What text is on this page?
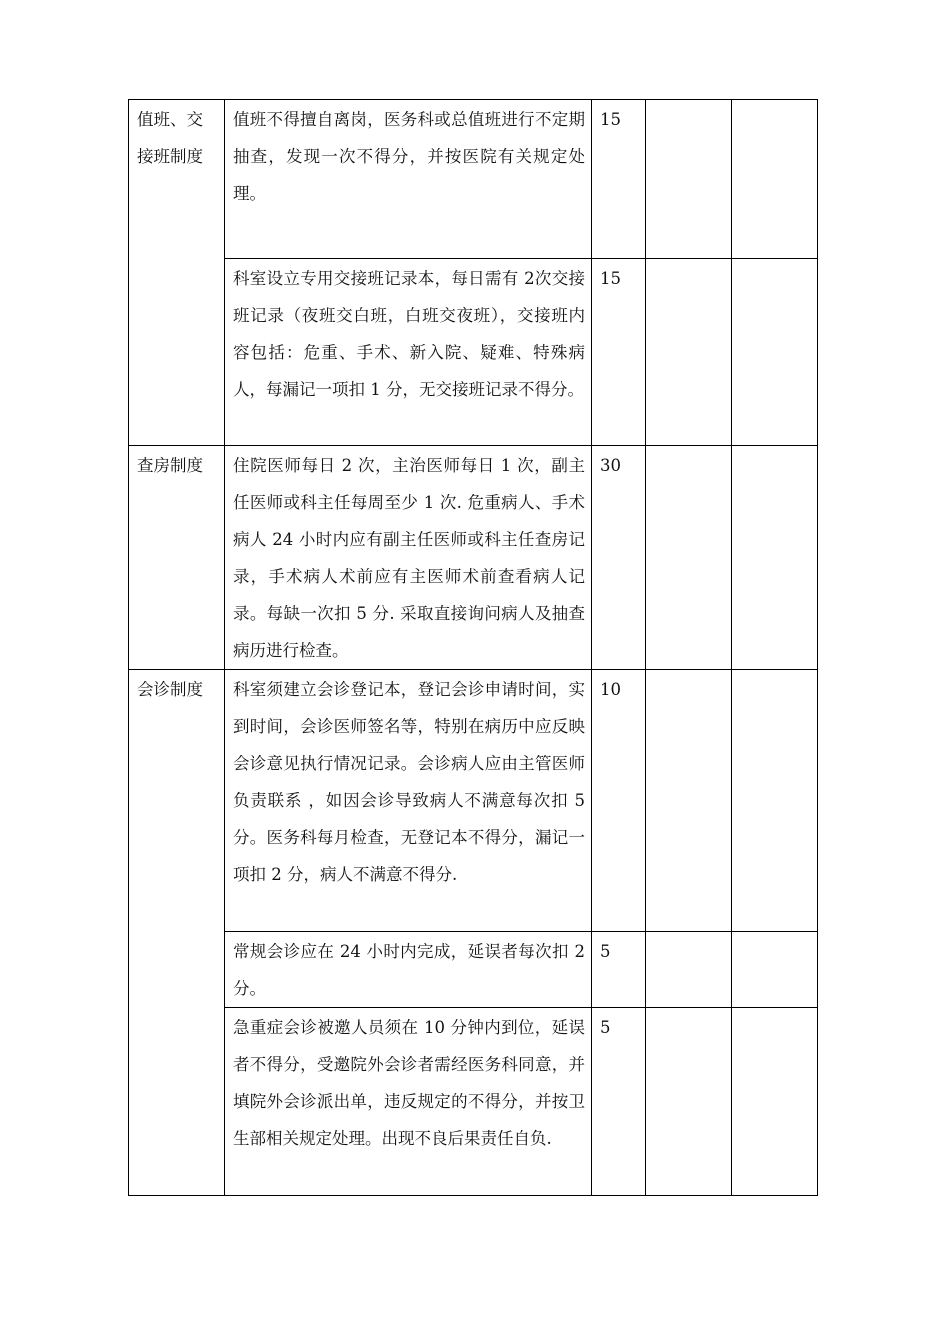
值班、交接班制度	值班不得擅自离岗，医务科或总值班进行不定期抽查，发现一次不得分，并按医院有关规定处理。	15		
	科室设立专用交接班记录本，每日需有 2次交接班记录（夜班交白班，白班交夜班），交接班内容包括：危重、手术、新入院、疑难、特殊病人，每漏记一项扣 1 分，无交接班记录不得分。	15		
查房制度	住院医师每日 2 次，主治医师每日 1 次，副主任医师或科主任每周至少 1 次. 危重病人、手术病人 24 小时内应有副主任医师或科主任查房记录，手术病人术前应有主医师术前查看病人记录。每缺一次扣 5 分. 采取直接询问病人及抽查病历进行检查。	30		
会诊制度	科室须建立会诊登记本，登记会诊申请时间，实到时间，会诊医师签名等，特别在病历中应反映会诊意见执行情况记录。会诊病人应由主管医师负责联系 ，如因会诊导致病人不满意每次扣 5 分。医务科每月检查，无登记本不得分，漏记一项扣 2 分，病人不满意不得分.	10		
	常规会诊应在 24 小时内完成，延误者每次扣 2 分。	5		
	急重症会诊被邀人员须在 10 分钟内到位，延误者不得分，受邀院外会诊者需经医务科同意，并填院外会诊派出单，违反规定的不得分，并按卫生部相关规定处理。出现不良后果责任自负.	5		
